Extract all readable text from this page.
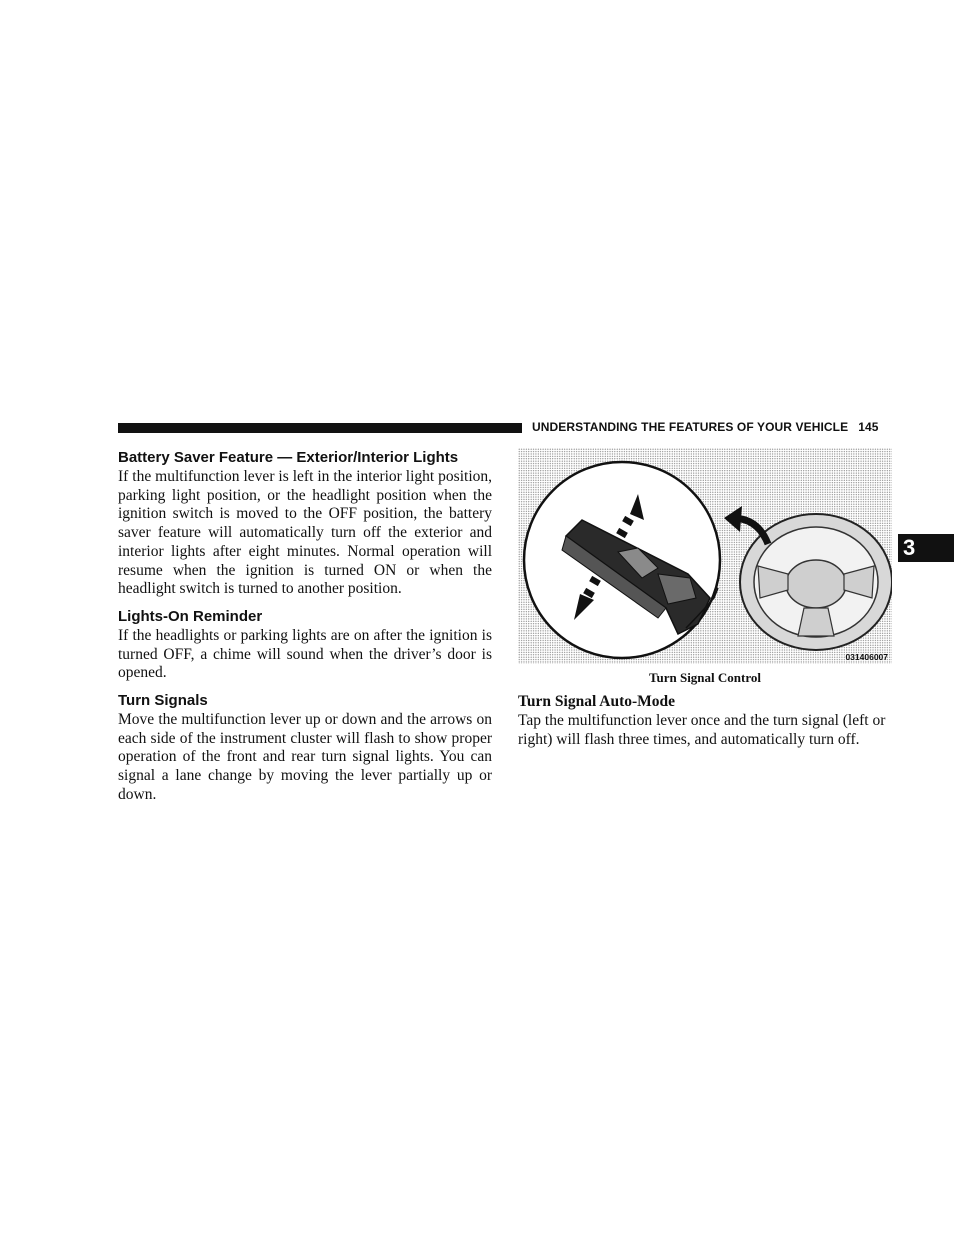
UNDERSTANDING THE FEATURES OF YOUR VEHICLE 145
3
Battery Saver Feature — Exterior/Interior Lights

If the multifunction lever is left in the interior light position, parking light position, or the headlight position when the ignition switch is moved to the OFF position, the battery saver feature will automatically turn off the exterior and interior lights after eight minutes. Normal operation will resume when the ignition is turned ON or when the headlight switch is turned to another position.

Lights-On Reminder

If the headlights or parking lights are on after the ignition is turned OFF, a chime will sound when the driver’s door is opened.

Turn Signals

Move the multifunction lever up or down and the arrows on each side of the instrument cluster will flash to show proper operation of the front and rear turn signal lights. You can signal a lane change by moving the lever partially up or down.

031406007
Turn Signal Control
Turn Signal Auto-Mode

Tap the multifunction lever once and the turn signal (left or right) will flash three times, and automatically turn off.
